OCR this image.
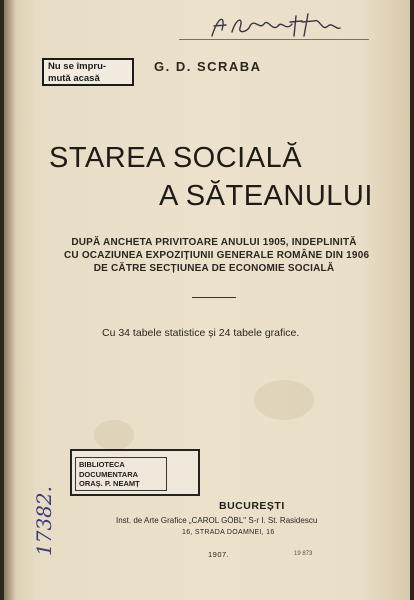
Nu se împru-
mută acasă
G. D. SCRABA
STAREA SOCIALĂ
A SĂTEANULUI
DUPĂ ANCHETA PRIVITOARE ANULUI 1905, INDEPLINITĂ
CU OCAZIUNEA EXPOZIȚIUNII GENERALE ROMÂNE DIN 1906
DE CĂTRE SECȚIUNEA DE ECONOMIE SOCIALĂ
Cu 34 tabele statistice și 24 tabele grafice.
BIBLIOTECA
DOCUMENTARA
ORAȘ. P. NEAMȚ
17382.	BUCUREȘTI
Inst. de Arte Grafice „CAROL GÖBL" S-r I. St. Rasidescu
16, STRADA DOAMNEI, 16
1907.	19 873
